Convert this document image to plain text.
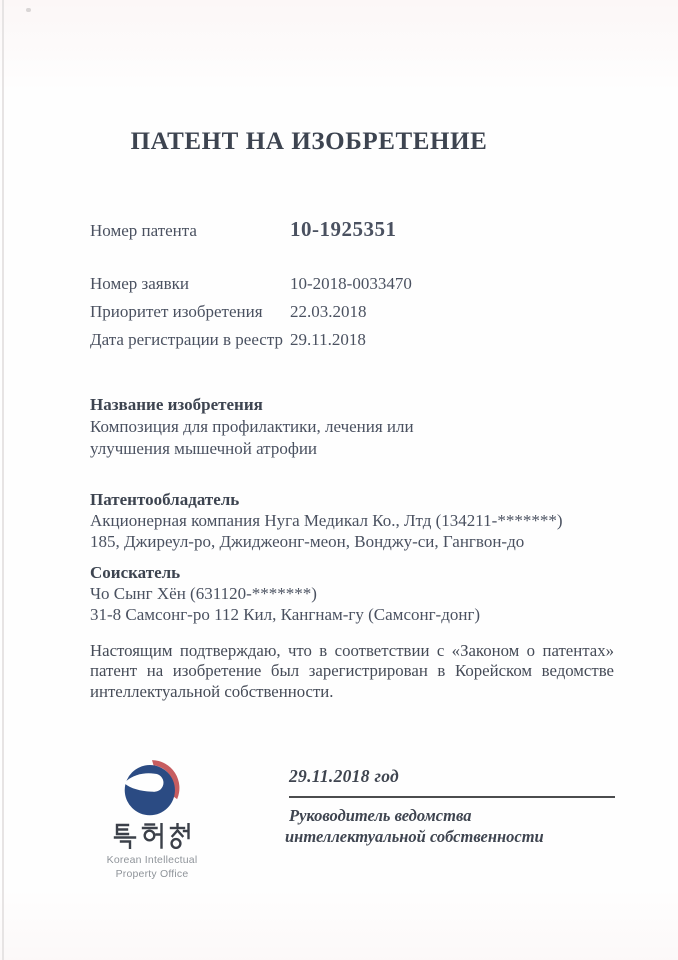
ПАТЕНТ НА ИЗОБРЕТЕНИЕ
Номер патента	10-1925351
Номер заявки	10-2018-0033470
Приоритет изобретения	22.03.2018
Дата регистрации в реестр 29.11.2018
Название изобретения
Композиция для профилактики, лечения или
улучшения мышечной атрофии
Патентообладатель
Акционерная компания Нуга Медикал Ко., Лтд (134211-*******)
185, Джиреул-ро, Джиджеонг-меон, Вонджу-си, Гангвон-до
Соискатель
Чо Сынг Хён (631120-*******)
31-8 Самсонг-ро 112 Кил, Кангнам-гу (Самсонг-донг)
Настоящим подтверждаю, что в соответствии с «Законом о патентах»
патент на изобретение был зарегистрирован в Корейском ведомстве
интеллектуальной собственности.
Korean Intellectual
Property Office
29.11.2018 год
Руководитель ведомства
интеллектуальной собственности
